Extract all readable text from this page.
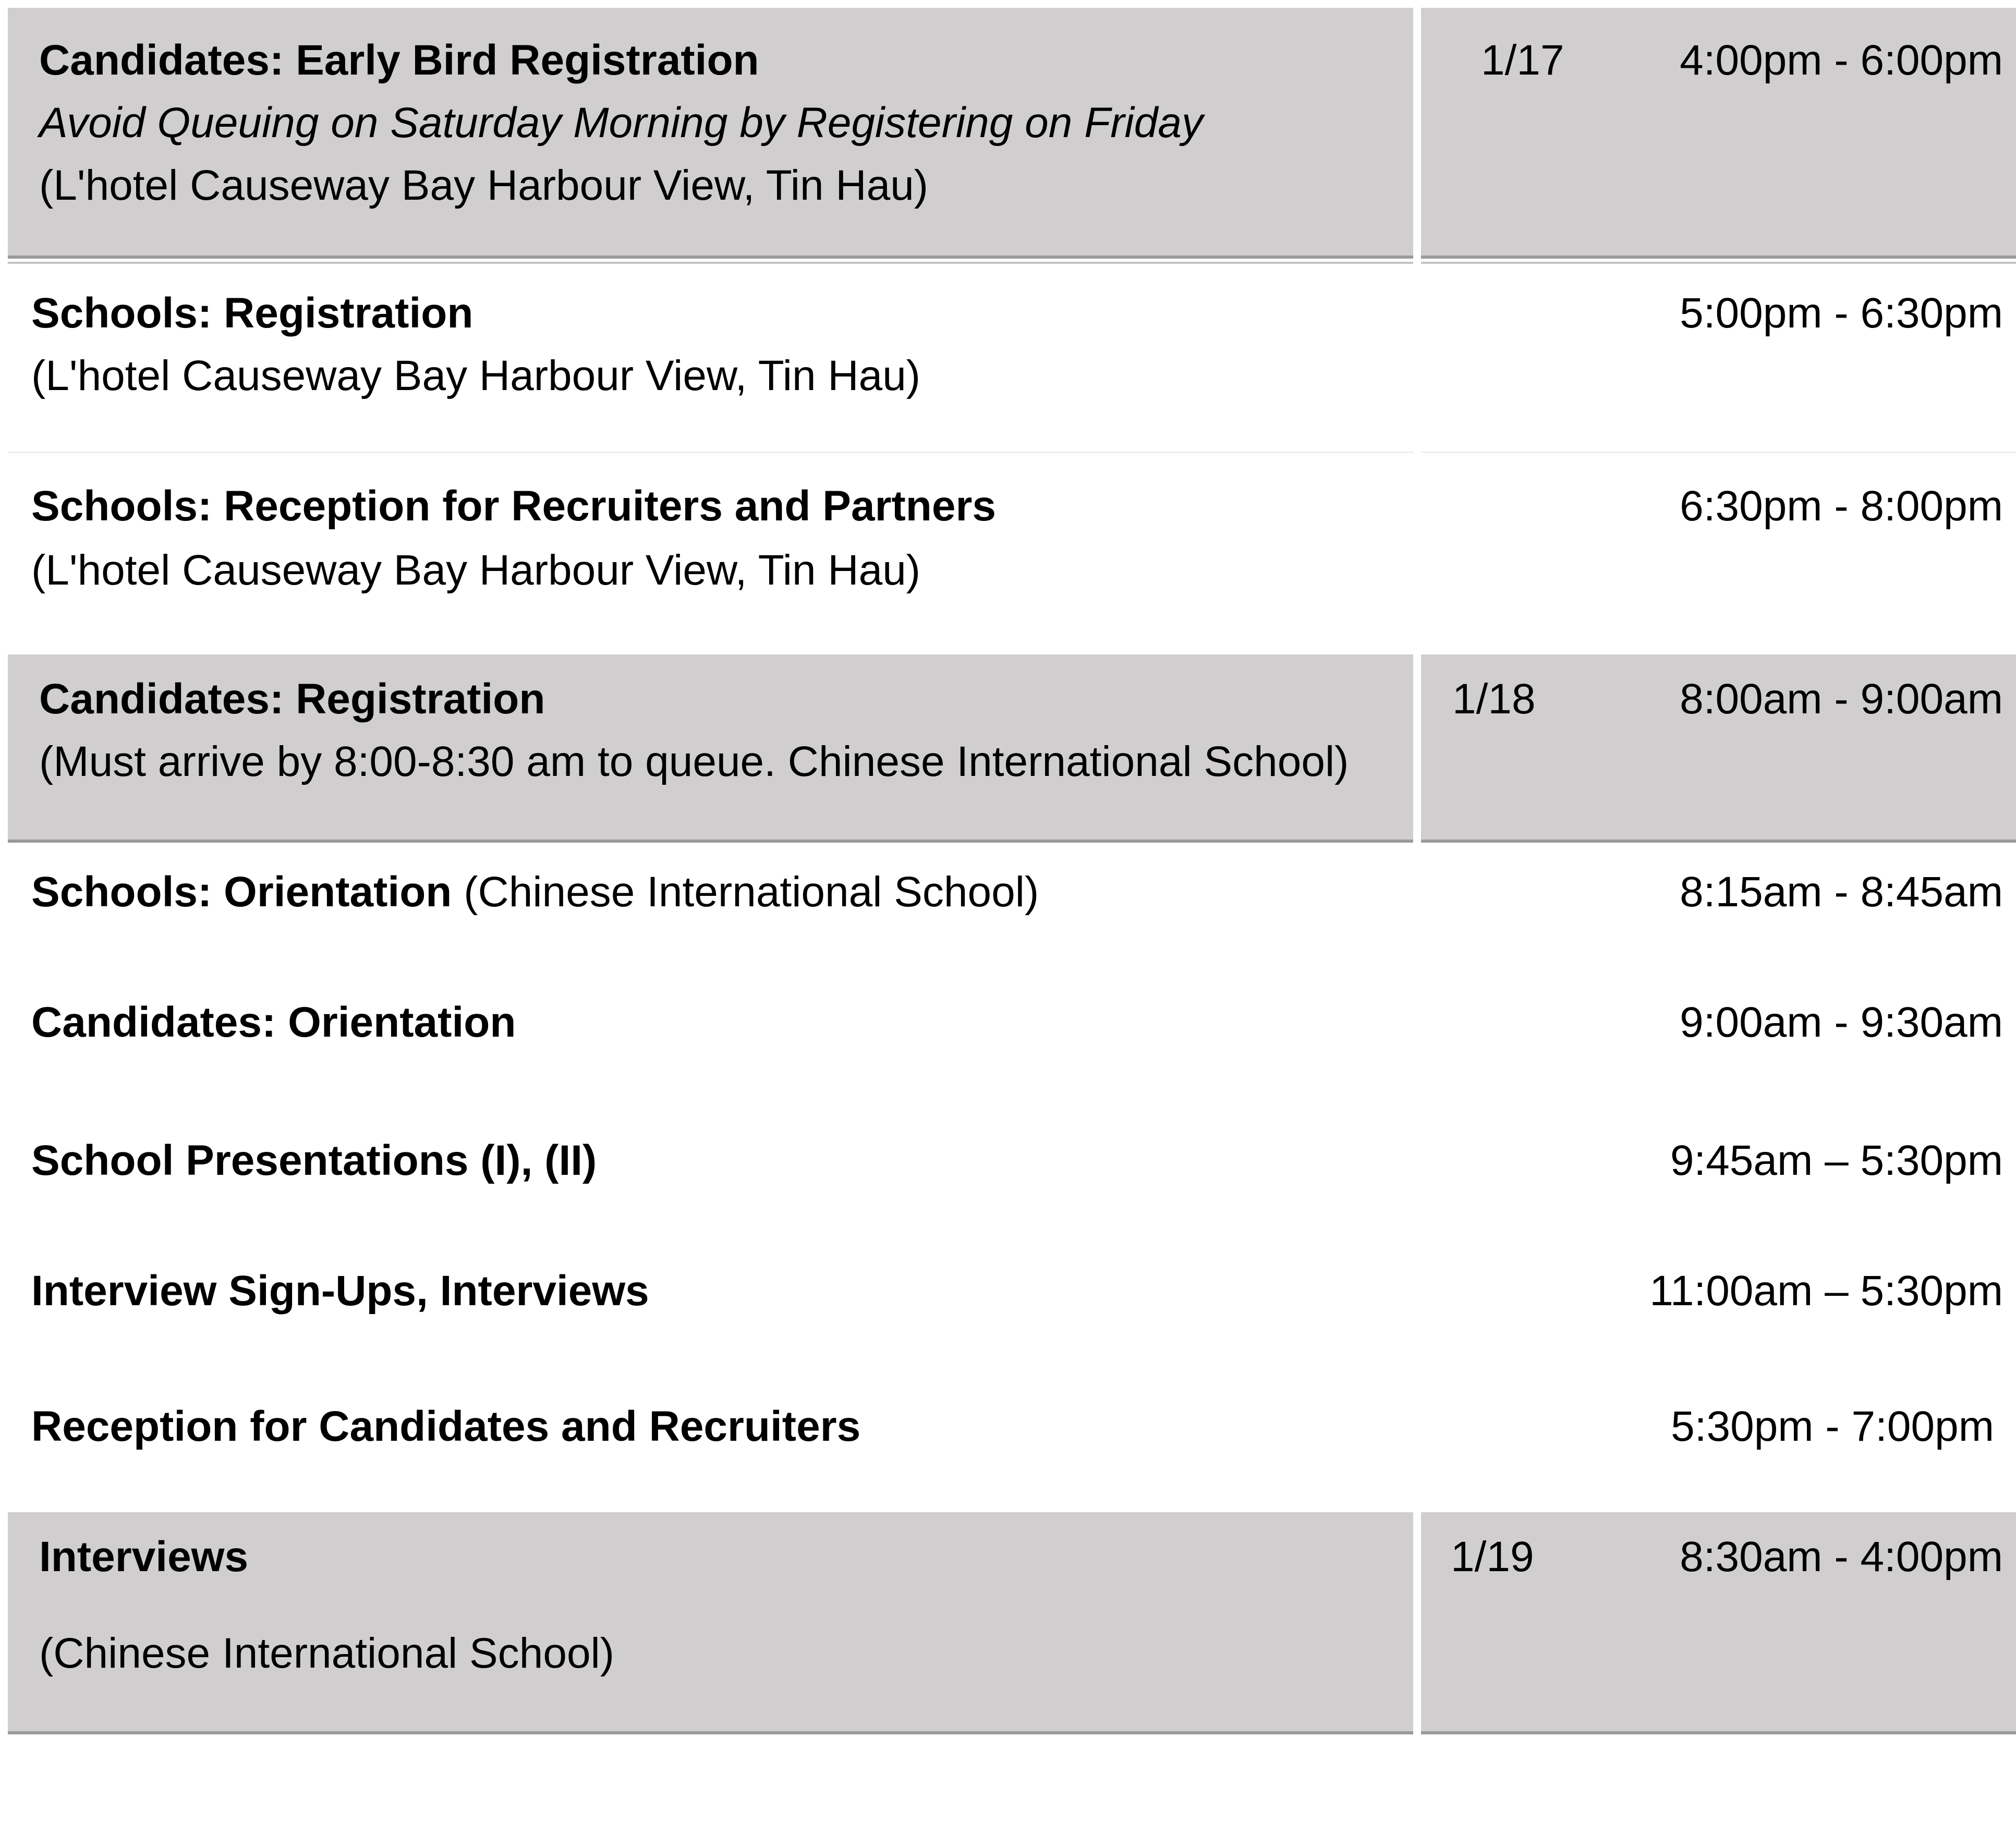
Candidates: Early Bird Registration
Avoid Queuing on Saturday Morning by Registering on Friday
(L'hotel Causeway Bay Harbour View, Tin Hau)
1/17	4:00pm - 6:00pm
Schools: Registration
(L'hotel Causeway Bay Harbour View, Tin Hau)
5:00pm - 6:30pm
Schools: Reception for Recruiters and Partners
(L'hotel Causeway Bay Harbour View, Tin Hau)
6:30pm - 8:00pm
Candidates: Registration
(Must arrive by 8:00-8:30 am to queue. Chinese International School)
1/18	8:00am - 9:00am
Schools: Orientation (Chinese International School)	8:15am - 8:45am
Candidates: Orientation	9:00am - 9:30am
School Presentations (I), (II)	9:45am – 5:30pm
Interview Sign-Ups, Interviews	11:00am – 5:30pm
Reception for Candidates and Recruiters	5:30pm - 7:00pm
Interviews
(Chinese International School)
1/19	8:30am - 4:00pm
